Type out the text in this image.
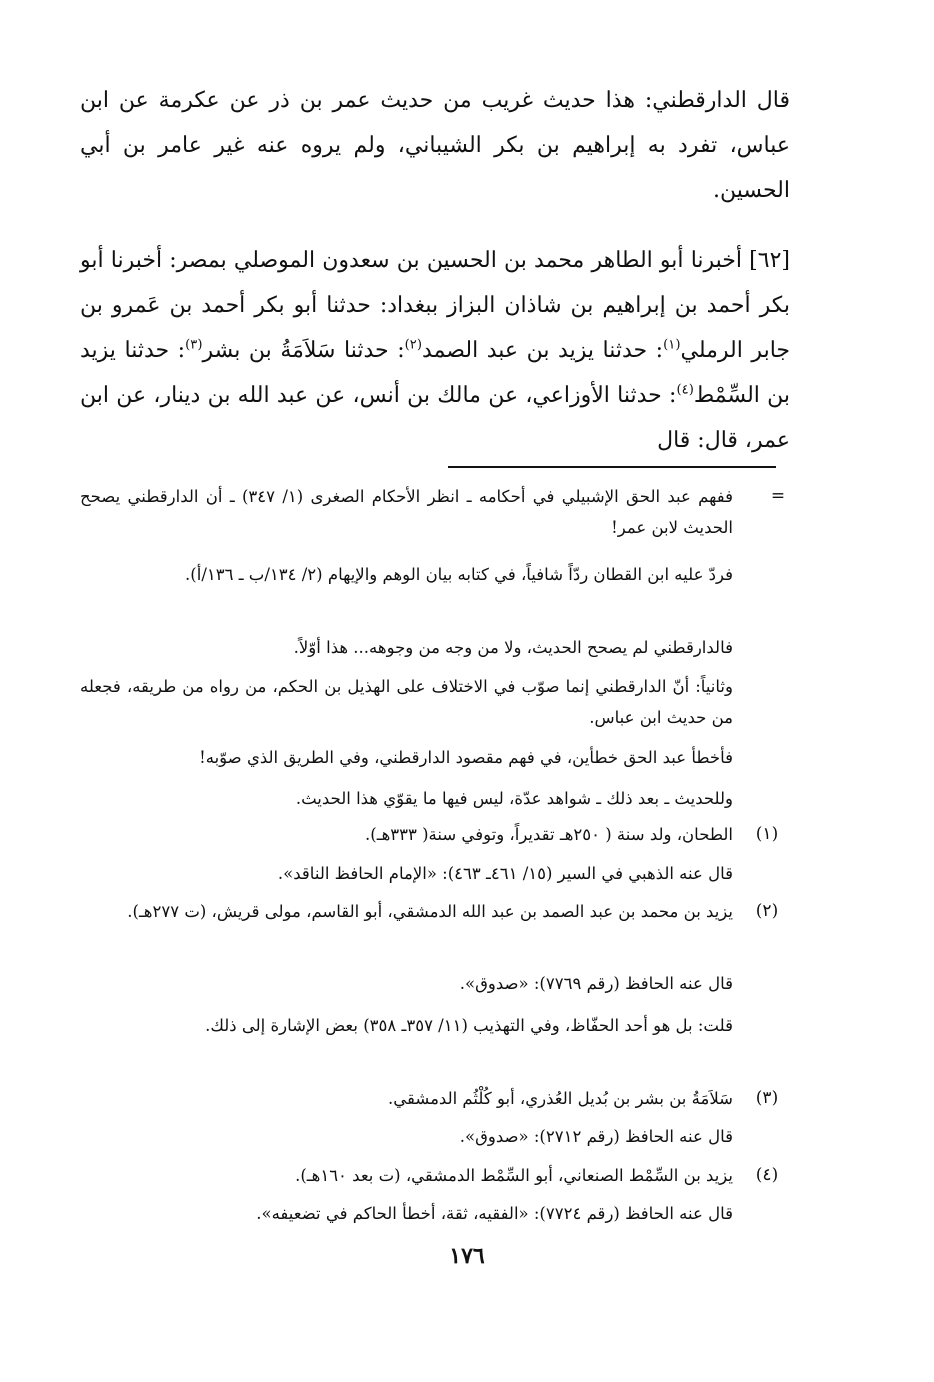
قال الدارقطني: هذا حديث غريب من حديث عمر بن ذر عن عكرمة عن ابن عباس، تفرد به إبراهيم بن بكر الشيباني، ولم يروه عنه غير عامر بن أبي الحسين.
[٦٢] أخبرنا أبو الطاهر محمد بن الحسين بن سعدون الموصلي بمصر: أخبرنا أبو بكر أحمد بن إبراهيم بن شاذان البزاز ببغداد: حدثنا أبو بكر أحمد بن عَمرو بن جابر الرملي$^{(١)}$: حدثنا يزيد بن عبد الصمد$^{(٢)}$: حدثنا سَلاَمَةُ بن بشر$^{(٣)}$: حدثنا يزيد بن السِّمْط$^{(٤)}$: حدثنا الأوزاعي، عن مالك بن أنس، عن عبد الله بن دينار، عن ابن عمر، قال: قال
=
ففهم عبد الحق الإشبيلي في أحكامه ـ انظر الأحكام الصغرى (١/ ٣٤٧) ـ أن الدارقطني يصحح الحديث لابن عمر!
فردّ عليه ابن القطان ردّاً شافياً، في كتابه بيان الوهم والإيهام (٢/ ١٣٤/ب ـ ١٣٦/أ).
فالدارقطني لم يصحح الحديث، ولا من وجه من وجوهه... هذا أوّلاً.
وثانياً: أنّ الدارقطني إنما صوّب في الاختلاف على الهذيل بن الحكم، من رواه من طريقه، فجعله من حديث ابن عباس.
فأخطأ عبد الحق خطأين، في فهم مقصود الدارقطني، وفي الطريق الذي صوّبه!
وللحديث ـ بعد ذلك ـ شواهد عدّة، ليس فيها ما يقوّي هذا الحديث.
(١)
الطحان، ولد سنة ( ٢٥٠هـ تقديراً، وتوفي سنة( ٣٣٣هـ).
قال عنه الذهبي في السير (١٥/ ٤٦١ـ ٤٦٣): «الإمام الحافظ الناقد».
(٢)
يزيد بن محمد بن عبد الصمد بن عبد الله الدمشقي، أبو القاسم، مولى قريش، (ت ٢٧٧هـ).
قال عنه الحافظ (رقم ٧٧٦٩): «صدوق».
قلت: بل هو أحد الحفّاظ، وفي التهذيب (١١/ ٣٥٧ـ ٣٥٨) بعض الإشارة إلى ذلك.
(٣)
سَلاَمَةُ بن بشر بن بُديل العُذري، أبو كُلْثُم الدمشقي.
قال عنه الحافظ (رقم ٢٧١٢): «صدوق».
(٤)
يزيد بن السِّمْط الصنعاني، أبو السِّمْط الدمشقي، (ت بعد ١٦٠هـ).
قال عنه الحافظ (رقم ٧٧٢٤): «الفقيه، ثقة، أخطأ الحاكم في تضعيفه».
١٧٦
